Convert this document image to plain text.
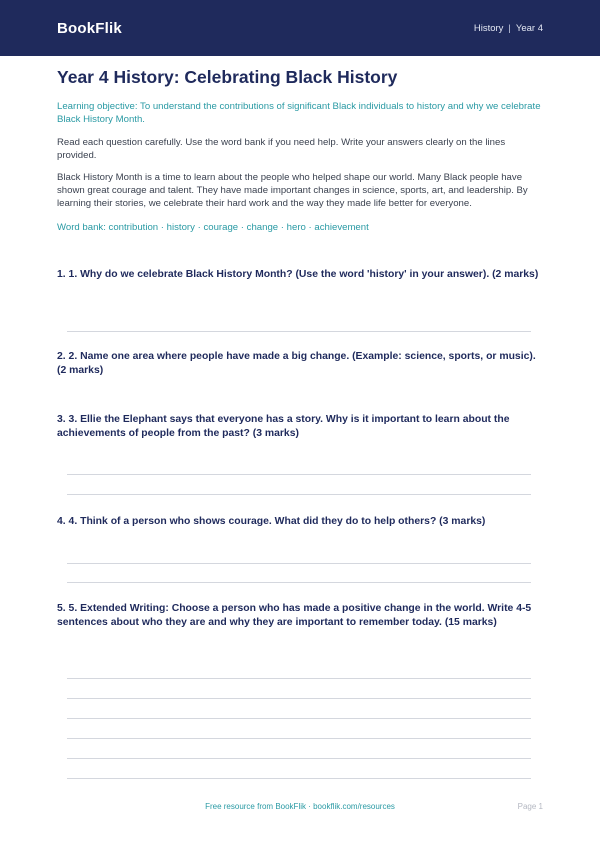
BookFlik	History | Year 4
Year 4 History: Celebrating Black History
Learning objective: To understand the contributions of significant Black individuals to history and why we celebrate Black History Month.
Read each question carefully. Use the word bank if you need help. Write your answers clearly on the lines provided.
Black History Month is a time to learn about the people who helped shape our world. Many Black people have shown great courage and talent. They have made important changes in science, sports, art, and leadership. By learning their stories, we celebrate their hard work and the way they made life better for everyone.
Word bank: contribution · history · courage · change · hero · achievement
1. 1. Why do we celebrate Black History Month? (Use the word 'history' in your answer). (2 marks)
2. 2. Name one area where people have made a big change. (Example: science, sports, or music). (2 marks)
3. 3. Ellie the Elephant says that everyone has a story. Why is it important to learn about the achievements of people from the past? (3 marks)
4. 4. Think of a person who shows courage. What did they do to help others? (3 marks)
5. 5. Extended Writing: Choose a person who has made a positive change in the world. Write 4-5 sentences about who they are and why they are important to remember today. (15 marks)
Free resource from BookFlik · bookflik.com/resources	Page 1
